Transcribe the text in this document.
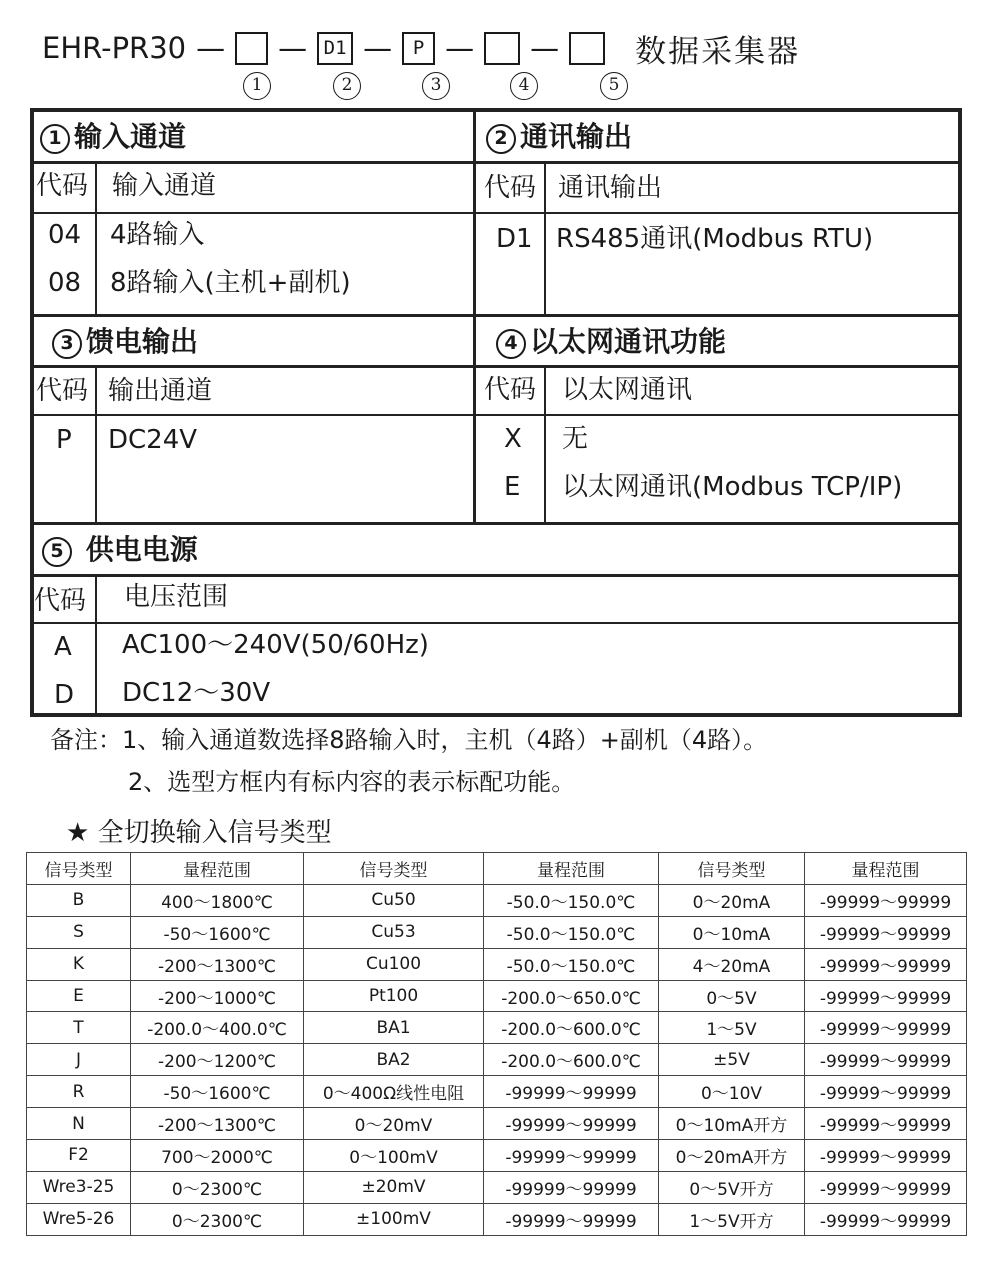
EHR-PR30 — — D1 —	P — — 数据采集器
1	2	3	4	5
1 输入通道
代码 输入通道
04 4路输入
08 8路输入(主机+副机)
2 通讯输出
代码 通讯输出
D1 RS485通讯(Modbus RTU)
3 馈电输出
代码 输出通道
P DC24V
4 以太网通讯功能
代码 以太网通讯
X 无
E 以太网通讯(Modbus TCP/IP)
5 供电电源
代码 电压范围
A AC100～240V(50/60Hz)
D DC12～30V
备注：1、输入通道数选择8路输入时，主机（4路）+副机（4路）。
2、选型方框内有标内容的表示标配功能。
★ 全切换输入信号类型
信号类型	量程范围	信号类型	量程范围	信号类型	量程范围
B	400～1800℃	Cu50	-50.0～150.0℃	0～20mA	-99999～99999
S	-50～1600℃	Cu53	-50.0～150.0℃	0～10mA	-99999～99999
K	-200～1300℃	Cu100	-50.0～150.0℃	4～20mA	-99999～99999
E	-200～1000℃	Pt100	-200.0～650.0℃	0～5V	-99999～99999
T	-200.0～400.0℃	BA1	-200.0～600.0℃	1～5V	-99999～99999
J	-200～1200℃	BA2	-200.0～600.0℃	±5V	-99999～99999
R	-50～1600℃	0～400Ω线性电阻	-99999～99999	0～10V	-99999～99999
N	-200～1300℃	0～20mV	-99999～99999	0～10mA开方	-99999～99999
F2	700～2000℃	0～100mV	-99999～99999	0～20mA开方	-99999～99999
Wre3-25	0～2300℃	±20mV	-99999～99999	0～5V开方	-99999～99999
Wre5-26	0～2300℃	±100mV	-99999～99999	1～5V开方	-99999～99999
